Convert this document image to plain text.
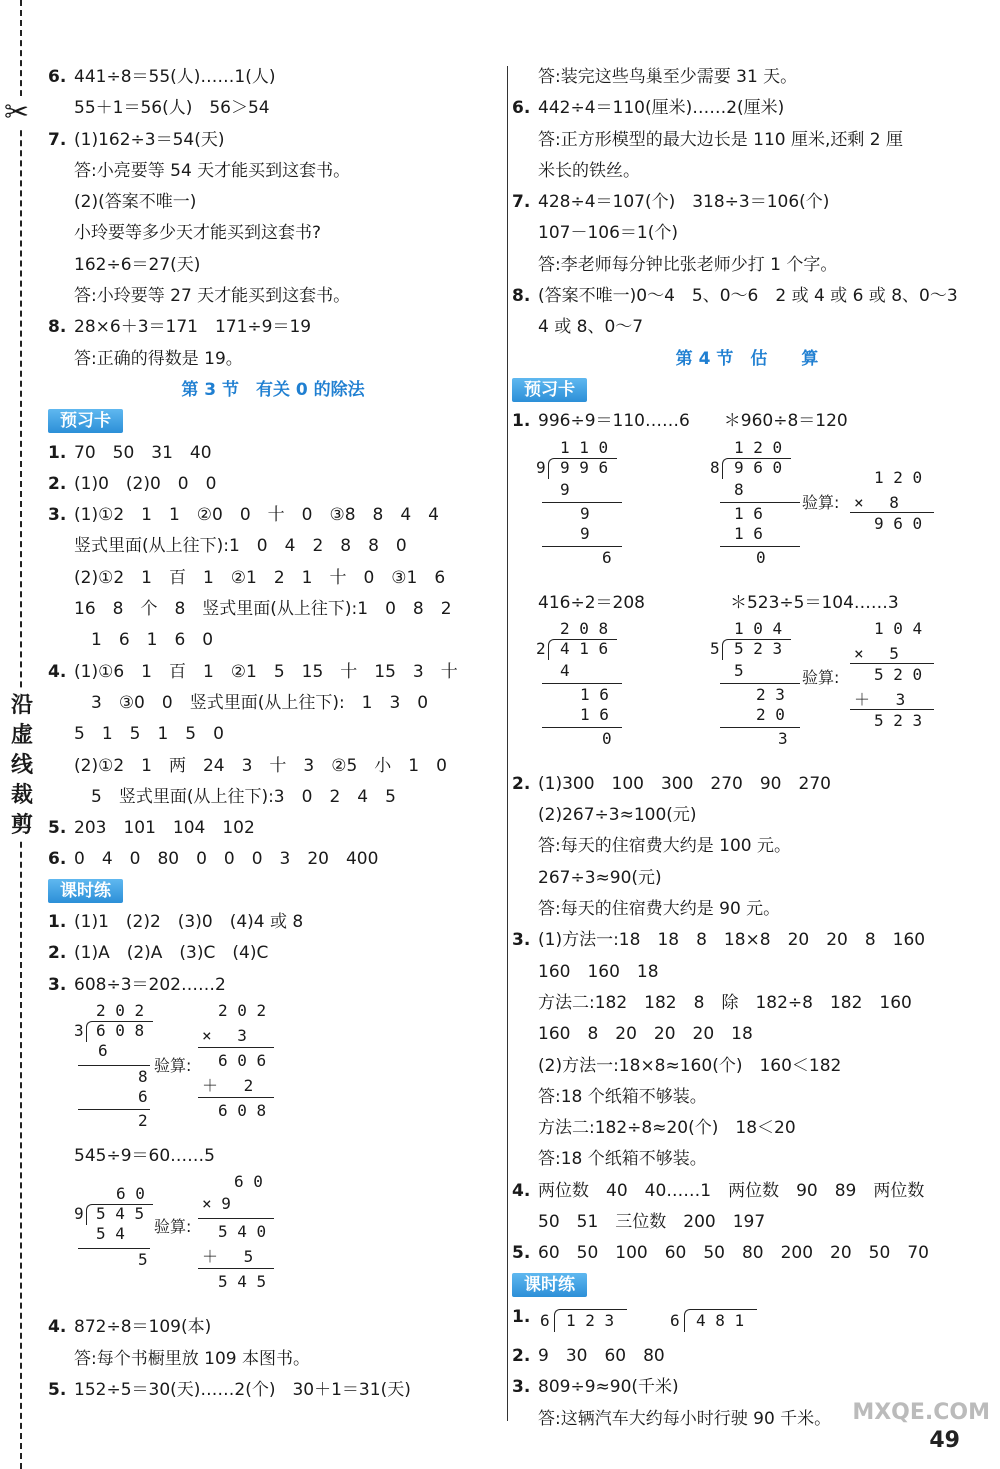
✂
沿虚线裁剪
6. 441÷8＝55(人)……1(人)
55＋1＝56(人)　56＞54
7. (1)162÷3＝54(天)
答:小亮要等 54 天才能买到这套书。
(2)(答案不唯一)
小玲要等多少天才能买到这套书?
162÷6＝27(天)
答:小玲要等 27 天才能买到这套书。
8. 28×6＋3＝171　171÷9＝19
答:正确的得数是 19。
第 3 节　有关 0 的除法
预习卡
1. 70　50　31　40
2. (1)0　(2)0　0　0
3. (1)①2　1　1　②0　0　十　0　③8　8　4　4
竖式里面(从上往下):1　0　4　2　8　8　0
(2)①2　1　百　1　②1　2　1　十　0　③1　6
16　8　个　8　竖式里面(从上往下):1　0　8　2
　1　6　1　6　0
4. (1)①6　1　百　1　②1　5　15　十　15　3　十
　3　③0　0　竖式里面(从上往下):　1　3　0
5　1　5　1　5　0
(2)①2　1　两　24　3　十　3　②5　小　1　0
　5　竖式里面(从上往下):3　0　2　4　5
5. 203　101　104　102
6. 0　4　0　80　0　0　0　3　20　400
课时练
1. (1)1　(2)2　(3)0　(4)4 或 8
2. (1)A　(2)A　(3)C　(4)C
3. 608÷3＝202……2
2 0 2
3 6 0 8
6
8
6
2
验算:
2 0 2
× 　3
6 0 6
＋ 　2
6 0 8
545÷9＝60……5
6 0
9 5 4 5
5 4
5
验算:
6 0
× 9
5 4 0
＋ 　5
5 4 5
4. 872÷8＝109(本)
答:每个书橱里放 109 本图书。
5. 152÷5＝30(天)……2(个)　30＋1＝31(天)
答:装完这些鸟巢至少需要 31 天。
6. 442÷4＝110(厘米)……2(厘米)
答:正方形模型的最大边长是 110 厘米,还剩 2 厘
米长的铁丝。
7. 428÷4＝107(个)　318÷3＝106(个)
107－106＝1(个)
答:李老师每分钟比张老师少打 1 个字。
8. (答案不唯一)0～4　5、0～6　2 或 4 或 6 或 8、0～3
4 或 8、0～7
第 4 节　估　　算
预习卡
1. 996÷9＝110……6　　＊960÷8＝120
1 1 0
9 9 9 6
9
9
9
6
1 2 0
8 9 6 0
8
1 6
1 6
0
验算:
1 2 0
× 　8
9 6 0
416÷2＝208　　　　　＊523÷5＝104……3
2 0 8
2 4 1 6
4
1 6
1 6
0
1 0 4
5 5 2 3
5
2 3
2 0
3
验算:
1 0 4
× 　5
5 2 0
＋ 　3
5 2 3
2. (1)300　100　300　270　90　270
(2)267÷3≈100(元)
答:每天的住宿费大约是 100 元。
267÷3≈90(元)
答:每天的住宿费大约是 90 元。
3. (1)方法一:18　18　8　18×8　20　20　8　160
160　160　18
方法二:182　182　8　除　182÷8　182　160
160　8　20　20　20　18
(2)方法一:18×8≈160(个)　160＜182
答:18 个纸箱不够装。
方法二:182÷8≈20(个)　18＜20
答:18 个纸箱不够装。
4. 两位数　40　40……1　两位数　90　89　两位数
50　51　三位数　200　197
5. 60　50　100　60　50　80　200　20　50　70
课时练
1. 6 1 2 3	6 4 8 1
2. 9　30　60　80
3. 809÷9≈90(千米)
答:这辆汽车大约每小时行驶 90 千米。 MXQE.COM
49
